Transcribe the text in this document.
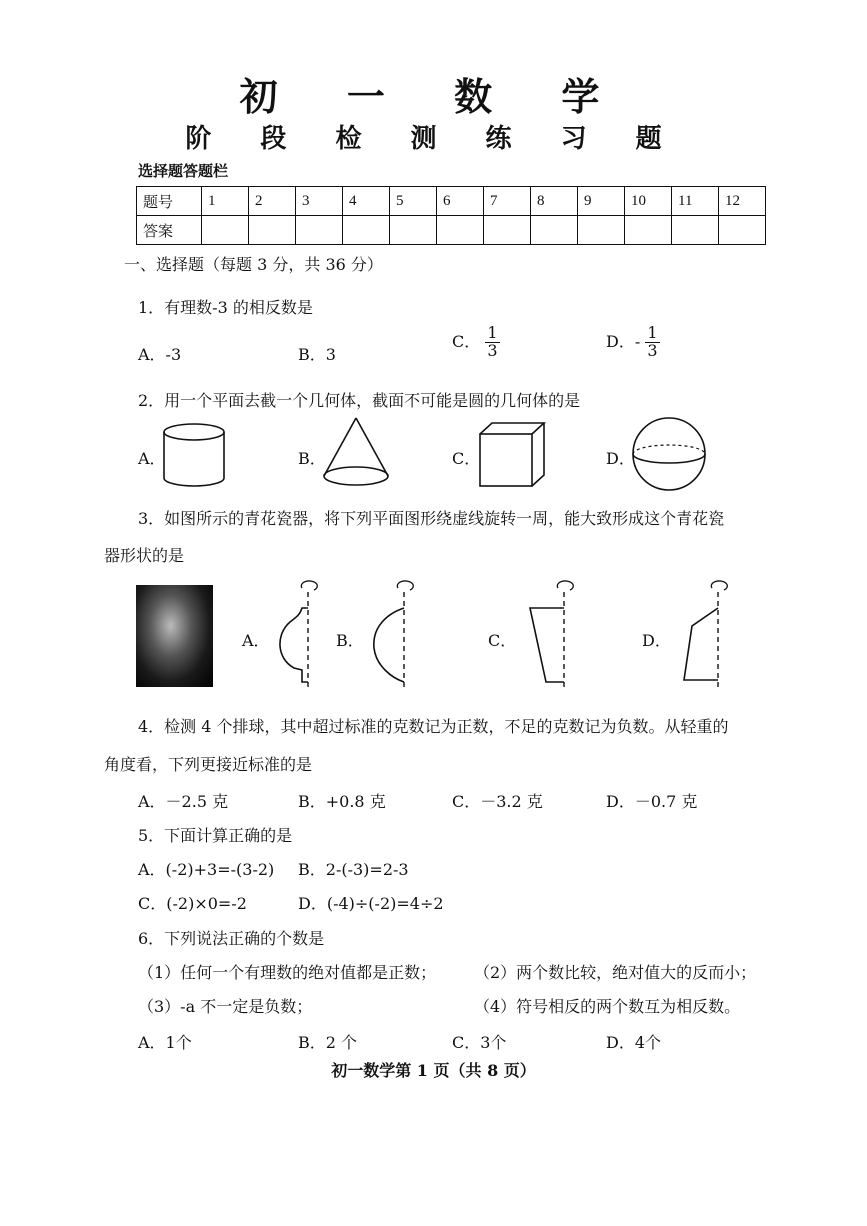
初 一 数 学
阶 段 检 测 练 习 题
选择题答题栏
题号	1	2	3	4	5	6	7	8	9	10	11	12
答案												
一、选择题（每题 3 分，共 36 分）
1．有理数-3 的相反数是
A．-3	B．3
C． $\frac{1}{3}$	D．- $\frac{1}{3}$
2．用一个平面去截一个几何体，截面不可能是圆的几何体的是
A．	B．	C．	D．
3．如图所示的青花瓷器，将下列平面图形绕虚线旋转一周，能大致形成这个青花瓷
器形状的是
A．	B．	C．	D．
4．检测 4 个排球，其中超过标准的克数记为正数，不足的克数记为负数。从轻重的
角度看，下列更接近标准的是
A．－2.5 克	B．+0.8 克	C．－3.2 克	D．－0.7 克
5．下面计算正确的是
A．(-2)+3=-(3-2) B．2-(-3)=2-3
C．(-2)×0=-2	D．(-4)÷(-2)=4÷2
6．下列说法正确的个数是
（1）任何一个有理数的绝对值都是正数； （2）两个数比较，绝对值大的反而小；
（3）-a 不一定是负数；	（4）符号相反的两个数互为相反数。
A．1个	B．2 个	C．3个	D．4个
初一数学第 1 页（共 8 页）
